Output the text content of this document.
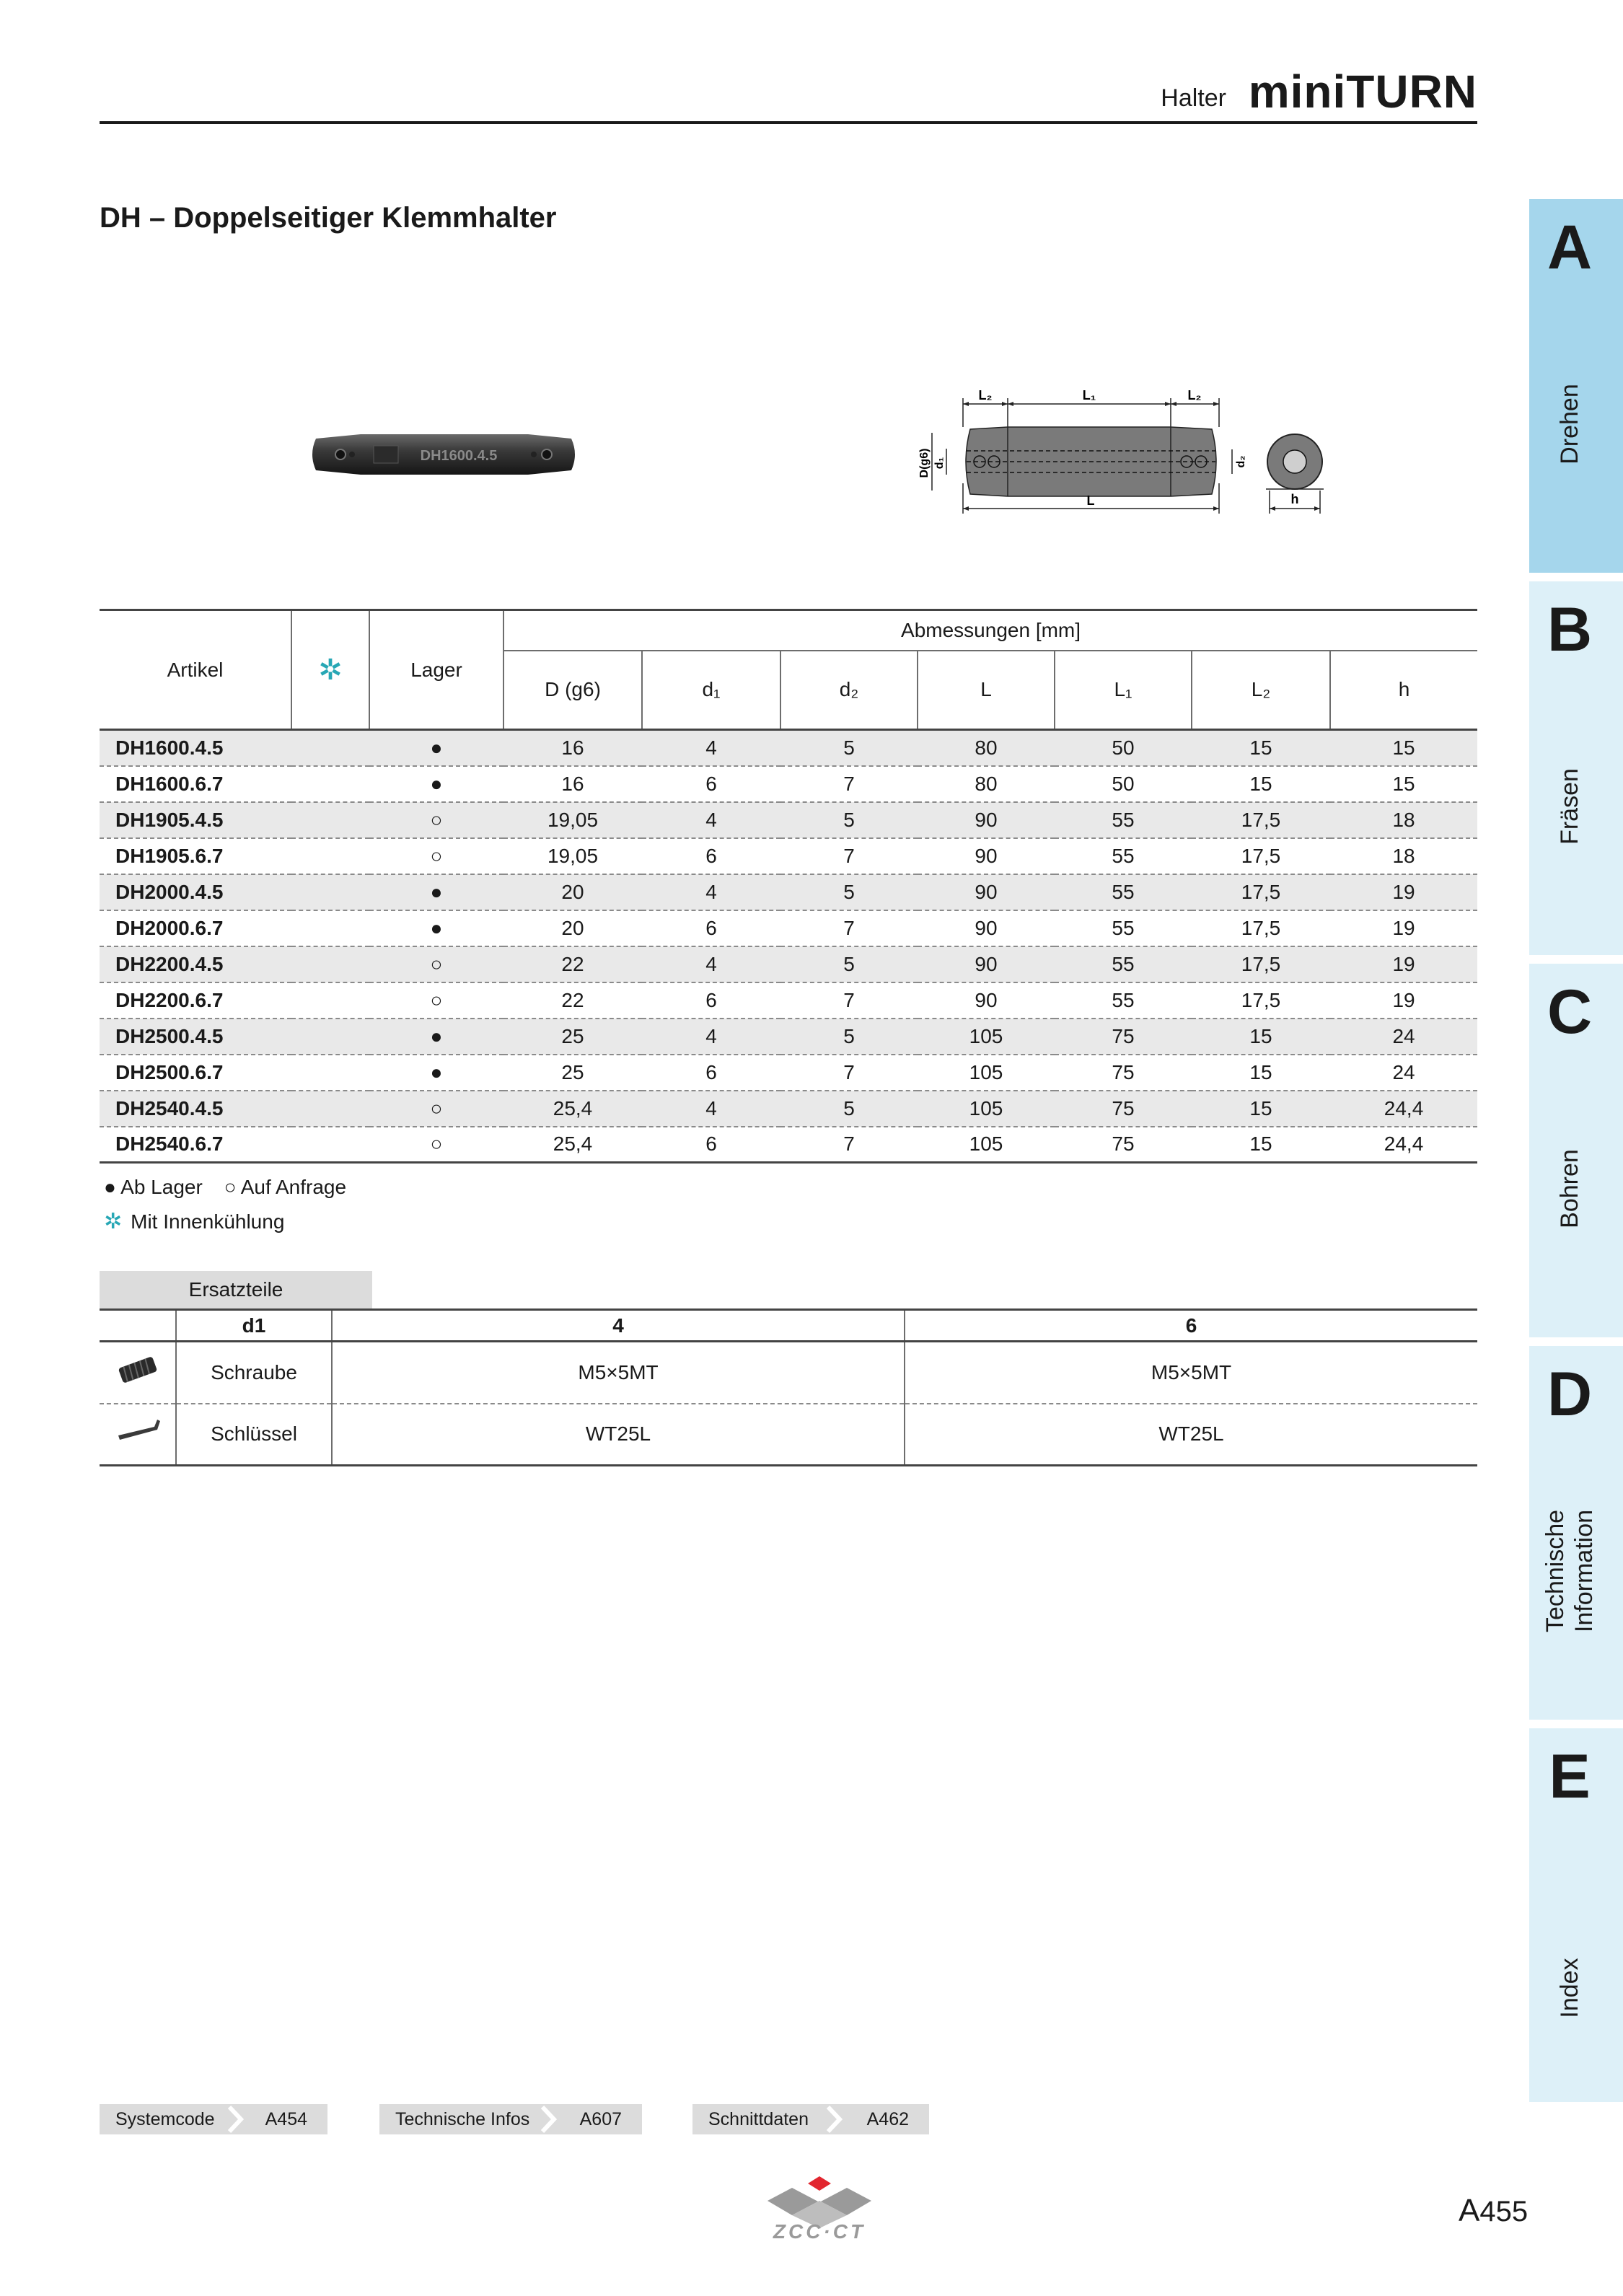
Halter miniTURN
DH – Doppelseitiger Klemmhalter
DH1600.4.5
L₂	L₁	L₂
L
D(g6) d₁	d₂
h
Artikel	✲	Lager	Abmessungen [mm]						
			D (g6)	d₁	d₂	L	L₁	L₂	h
DH1600.4.5		●	16	4	5	80	50	15	15
DH1600.6.7		●	16	6	7	80	50	15	15
DH1905.4.5		○	19,05	4	5	90	55	17,5	18
DH1905.6.7		○	19,05	6	7	90	55	17,5	18
DH2000.4.5		●	20	4	5	90	55	17,5	19
DH2000.6.7		●	20	6	7	90	55	17,5	19
DH2200.4.5		○	22	4	5	90	55	17,5	19
DH2200.6.7		○	22	6	7	90	55	17,5	19
DH2500.4.5		●	25	4	5	105	75	15	24
DH2500.6.7		●	25	6	7	105	75	15	24
DH2540.4.5		○	25,4	4	5	105	75	15	24,4
DH2540.6.7		○	25,4	6	7	105	75	15	24,4
● Ab Lager ○ Auf Anfrage
✲ Mit Innenkühlung
Ersatzteile
	d1	4	6
	Schraube	M5×5MT	M5×5MT
	Schlüssel	WT25L	WT25L
A
Drehen
B
Fräsen
C
Bohren
D
Technische Information
E
Index
Systemcode	A454	Technische Infos	A607	Schnittdaten	A462
ZCC·CT
A455
